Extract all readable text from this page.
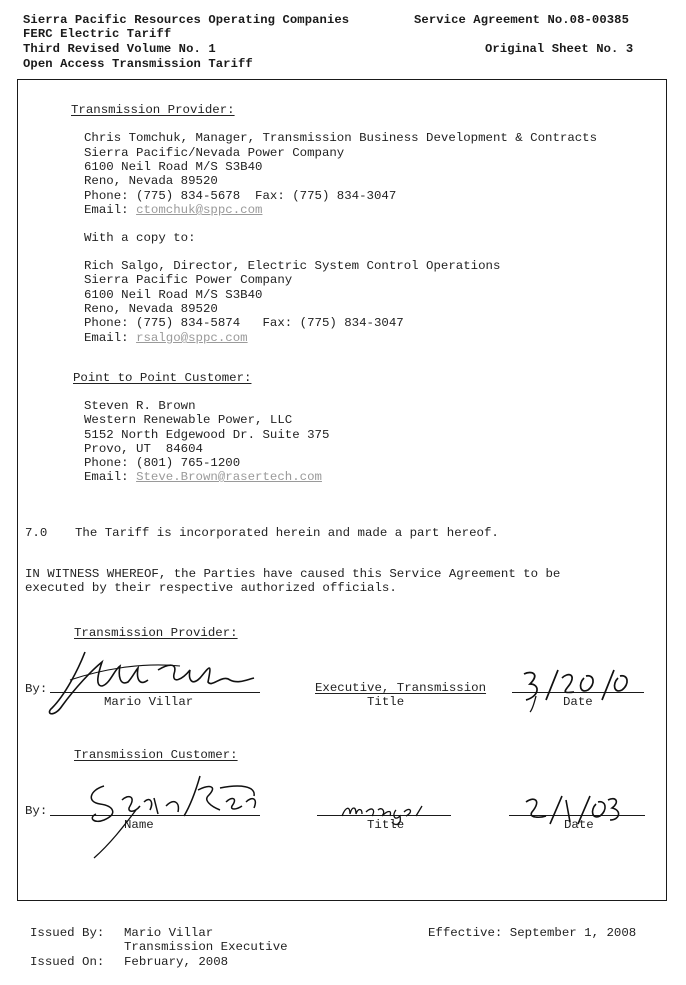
Sierra Pacific Resources Operating Companies	Service Agreement No.08-00385
FERC Electric Tariff
Third Revised Volume No. 1	Original Sheet No. 3
Open Access Transmission Tariff
Transmission Provider:
Chris Tomchuk, Manager, Transmission Business Development & Contracts
Sierra Pacific/Nevada Power Company
6100 Neil Road M/S S3B40
Reno, Nevada 89520
Phone: (775) 834-5678  Fax: (775) 834-3047
Email: ctomchuk@sppc.com
With a copy to:
Rich Salgo, Director, Electric System Control Operations
Sierra Pacific Power Company
6100 Neil Road M/S S3B40
Reno, Nevada 89520
Phone: (775) 834-5874   Fax: (775) 834-3047
Email: rsalgo@sppc.com
Point to Point Customer:
Steven R. Brown
Western Renewable Power, LLC
5152 North Edgewood Dr. Suite 375
Provo, UT  84604
Phone: (801) 765-1200
Email: Steve.Brown@rasertech.com
7.0 The Tariff is incorporated herein and made a part hereof.
IN WITNESS WHEREOF, the Parties have caused this Service Agreement to be
executed by their respective authorized officials.
Transmission Provider:
By:
Mario Villar
Executive, Transmission
Title	Date
Transmission Customer:
By:
Name	Title	Date
Issued By: Mario Villar
Transmission Executive
Issued On: February, 2008
Effective: September 1, 2008
